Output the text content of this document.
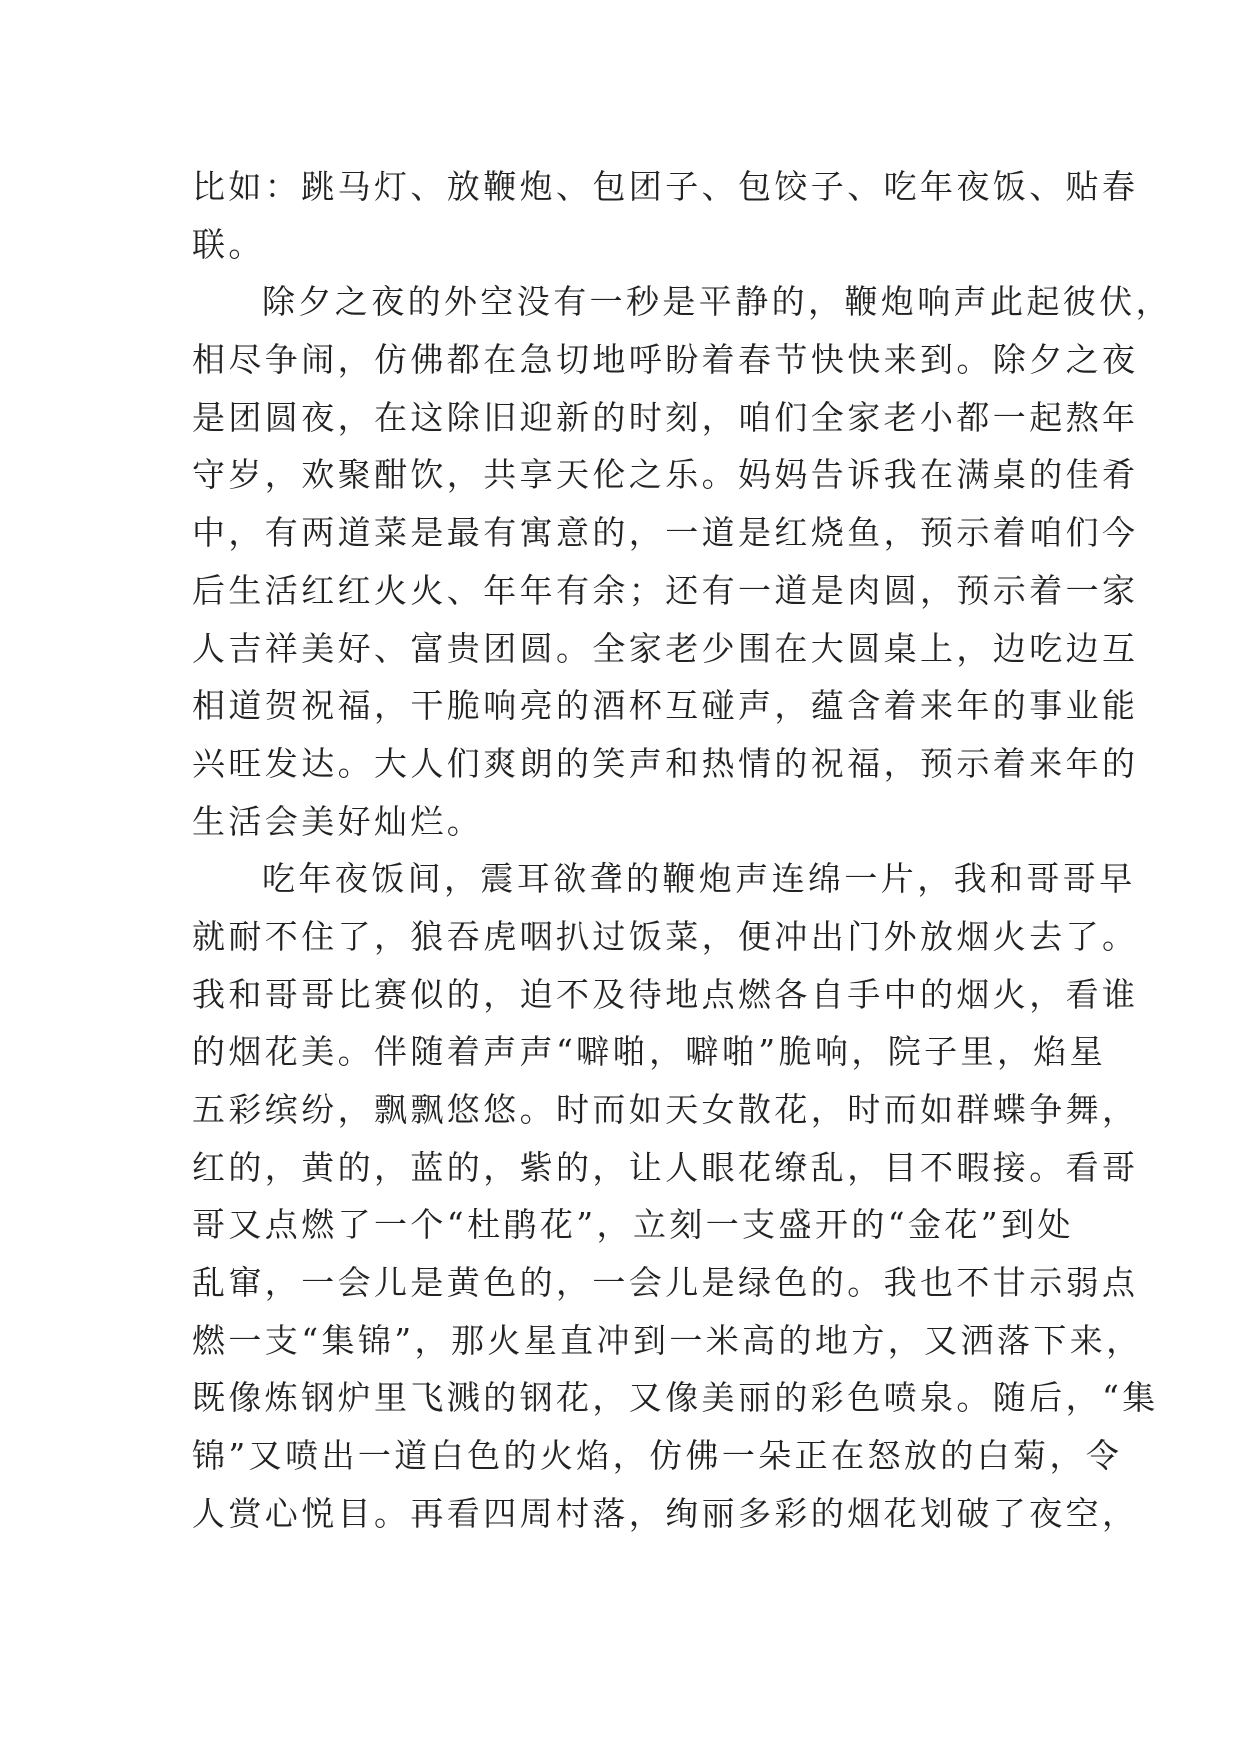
比如：跳马灯、放鞭炮、包团子、包饺子、吃年夜饭、贴春
联。
除夕之夜的外空没有一秒是平静的，鞭炮响声此起彼伏，
相尽争闹，仿佛都在急切地呼盼着春节快快来到。除夕之夜
是团圆夜，在这除旧迎新的时刻，咱们全家老小都一起熬年
守岁，欢聚酣饮，共享天伦之乐。妈妈告诉我在满桌的佳肴
中，有两道菜是最有寓意的，一道是红烧鱼，预示着咱们今
后生活红红火火、年年有余；还有一道是肉圆，预示着一家
人吉祥美好、富贵团圆。全家老少围在大圆桌上，边吃边互
相道贺祝福，干脆响亮的酒杯互碰声，蕴含着来年的事业能
兴旺发达。大人们爽朗的笑声和热情的祝福，预示着来年的
生活会美好灿烂。
吃年夜饭间，震耳欲聋的鞭炮声连绵一片，我和哥哥早
就耐不住了，狼吞虎咽扒过饭菜，便冲出门外放烟火去了。
我和哥哥比赛似的，迫不及待地点燃各自手中的烟火，看谁
的烟花美。伴随着声声“噼啪，噼啪”脆响，院子里，焰星
五彩缤纷，飘飘悠悠。时而如天女散花，时而如群蝶争舞，
红的，黄的，蓝的，紫的，让人眼花缭乱，目不暇接。看哥
哥又点燃了一个“杜鹃花”，立刻一支盛开的“金花”到处
乱窜，一会儿是黄色的，一会儿是绿色的。我也不甘示弱点
燃一支“集锦”，那火星直冲到一米高的地方，又洒落下来，
既像炼钢炉里飞溅的钢花，又像美丽的彩色喷泉。随后，“集
锦”又喷出一道白色的火焰，仿佛一朵正在怒放的白菊，令
人赏心悦目。再看四周村落，绚丽多彩的烟花划破了夜空，
